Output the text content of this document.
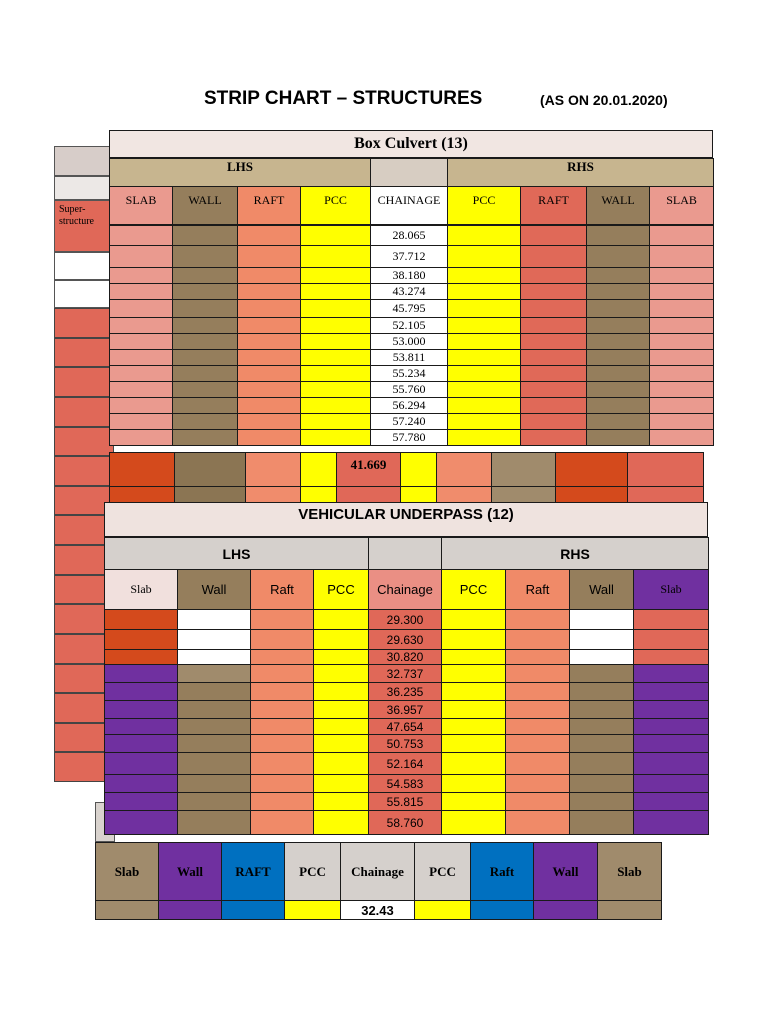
STRIP CHART – STRUCTURES	(AS ON 20.01.2020)
Super-structure
Slab	Wall	RAFT	PCC	Chainage	PCC	Raft	Wall	Slab
				32.43				
Box Culvert (13)
LHS					RHS			
SLAB	WALL	RAFT	PCC	CHAINAGE	PCC	RAFT	WALL	SLAB
				28.065				
				37.712				
				38.180				
				43.274				
				45.795				
				52.105				
				53.000				
				53.811				
				55.234				
				55.760				
				56.294				
				57.240				
				57.780				
				41.669					

VEHICULAR UNDERPASS (12)
LHS					RHS			
Slab	Wall	Raft	PCC	Chainage	PCC	Raft	Wall	Slab
				29.300				
				29.630				
				30.820				
				32.737				
				36.235				
				36.957				
				47.654				
				50.753				
				52.164				
				54.583				
				55.815				
				58.760				
